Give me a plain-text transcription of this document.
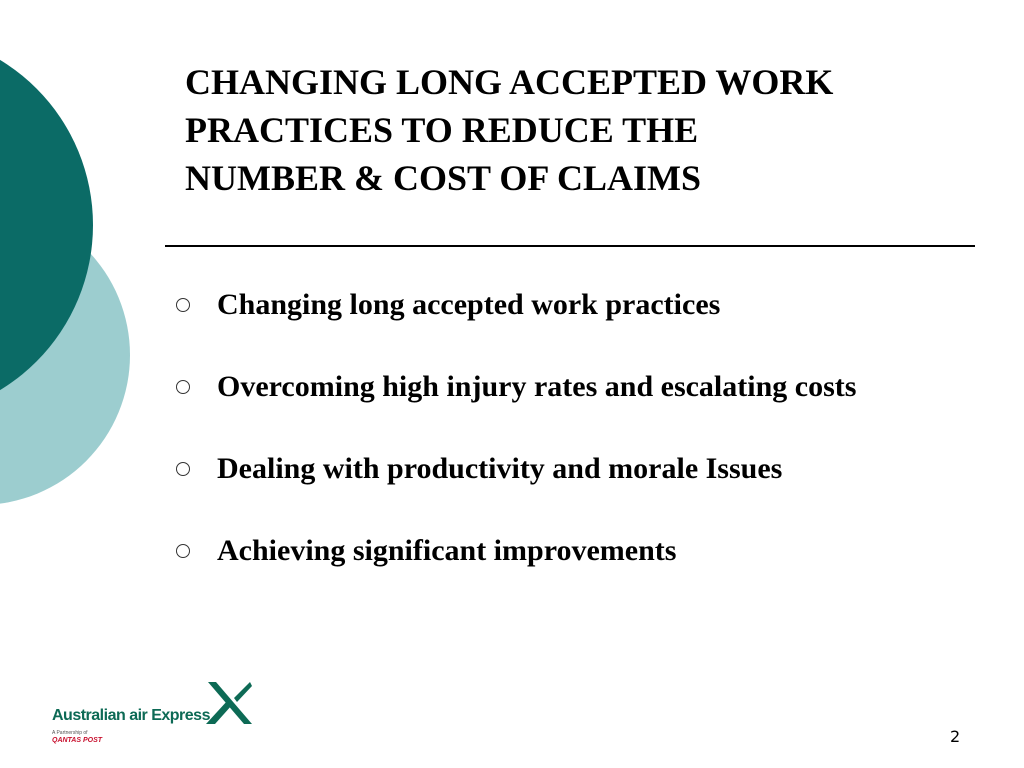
CHANGING LONG ACCEPTED WORK
PRACTICES TO REDUCE THE
NUMBER & COST OF CLAIMS
Changing long accepted work practices
Overcoming high injury rates and escalating costs
Dealing with productivity and morale Issues
Achieving significant improvements
Australian air Express
A Partnership of
QANTAS POST	2
